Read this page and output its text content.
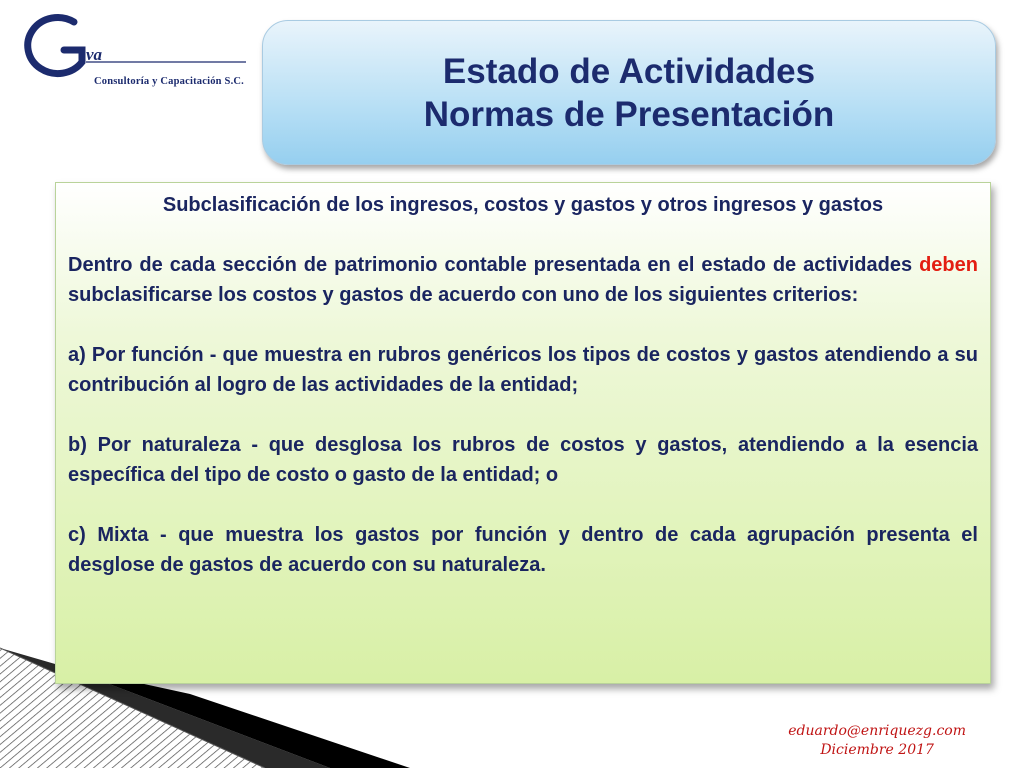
va
Consultoría y Capacitación S.C.	Estado de Actividades
Normas de Presentación

Subclasificación de los ingresos, costos y gastos y otros ingresos y gastos

Dentro de cada sección de patrimonio contable presentada en el estado de actividades deben subclasificarse los costos y gastos de acuerdo con uno de los siguientes criterios:

a) Por función - que muestra en rubros genéricos los tipos de costos y gastos atendiendo a su contribución al logro de las actividades de la entidad;

b) Por naturaleza - que desglosa los rubros de costos y gastos, atendiendo a la esencia específica del tipo de costo o gasto de la entidad; o

c) Mixta - que muestra los gastos por función y dentro de cada agrupación presenta el desglose de gastos de acuerdo con su naturaleza.

eduardo@enriquezg.com
Diciembre 2017
